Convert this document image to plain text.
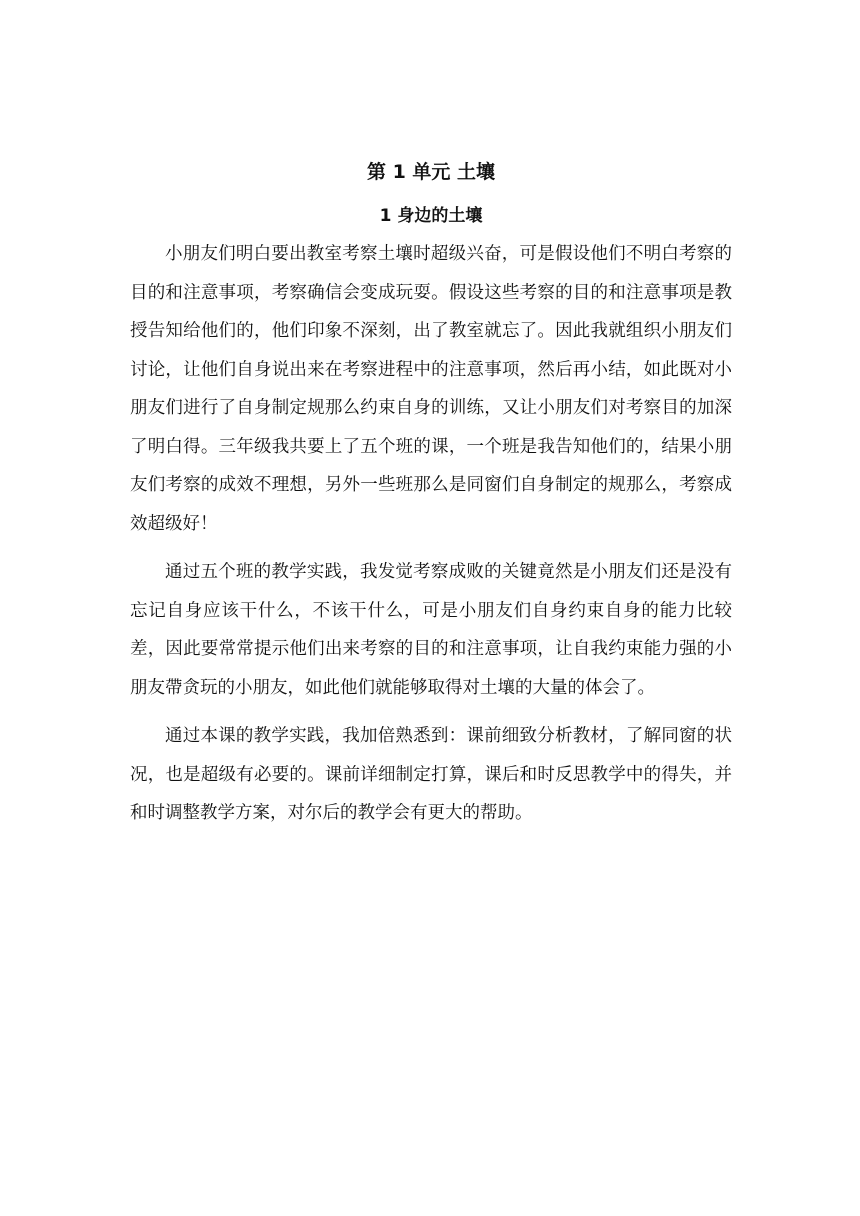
第 1 单元 土壤
1 身边的土壤

小朋友们明白要出教室考察土壤时超级兴奋，可是假设他们不明白考察的目的和注意事项，考察确信会变成玩耍。假设这些考察的目的和注意事项是教授告知给他们的，他们印象不深刻，出了教室就忘了。因此我就组织小朋友们讨论，让他们自身说出来在考察进程中的注意事项，然后再小结，如此既对小朋友们进行了自身制定规那么约束自身的训练，又让小朋友们对考察目的加深了明白得。三年级我共要上了五个班的课，一个班是我告知他们的，结果小朋友们考察的成效不理想，另外一些班那么是同窗们自身制定的规那么，考察成效超级好！

通过五个班的教学实践，我发觉考察成败的关键竟然是小朋友们还是没有忘记自身应该干什么，不该干什么，可是小朋友们自身约束自身的能力比较差，因此要常常提示他们出来考察的目的和注意事项，让自我约束能力强的小朋友帶贪玩的小朋友，如此他们就能够取得对土壤的大量的体会了。

通过本课的教学实践，我加倍熟悉到：课前细致分析教材，了解同窗的状况，也是超级有必要的。课前详细制定打算，课后和时反思教学中的得失，并和时调整教学方案，对尔后的教学会有更大的帮助。
